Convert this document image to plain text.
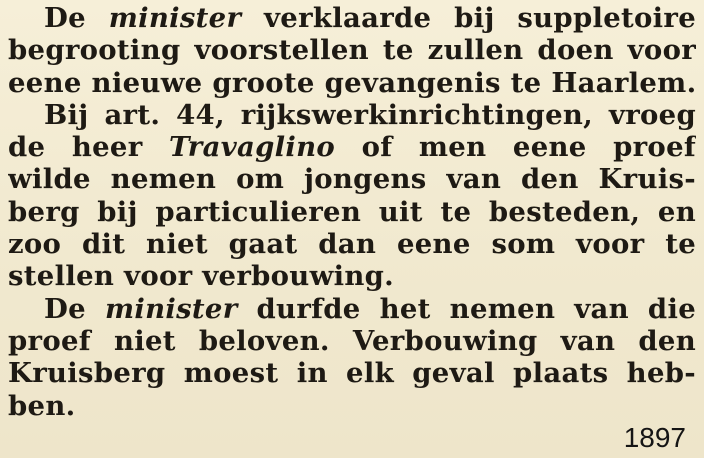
De minister verklaarde bij suppletoire
begrooting voorstellen te zullen doen voor
eene nieuwe groote gevangenis te Haarlem.
Bij art. 44, rijkswerkinrichtingen, vroeg
de heer Travaglino of men eene proef
wilde nemen om jongens van den Kruis-
berg bij particulieren uit te besteden, en
zoo dit niet gaat dan eene som voor te
stellen voor verbouwing.
De minister durfde het nemen van die
proef niet beloven. Verbouwing van den
Kruisberg moest in elk geval plaats heb-
ben.
1897
